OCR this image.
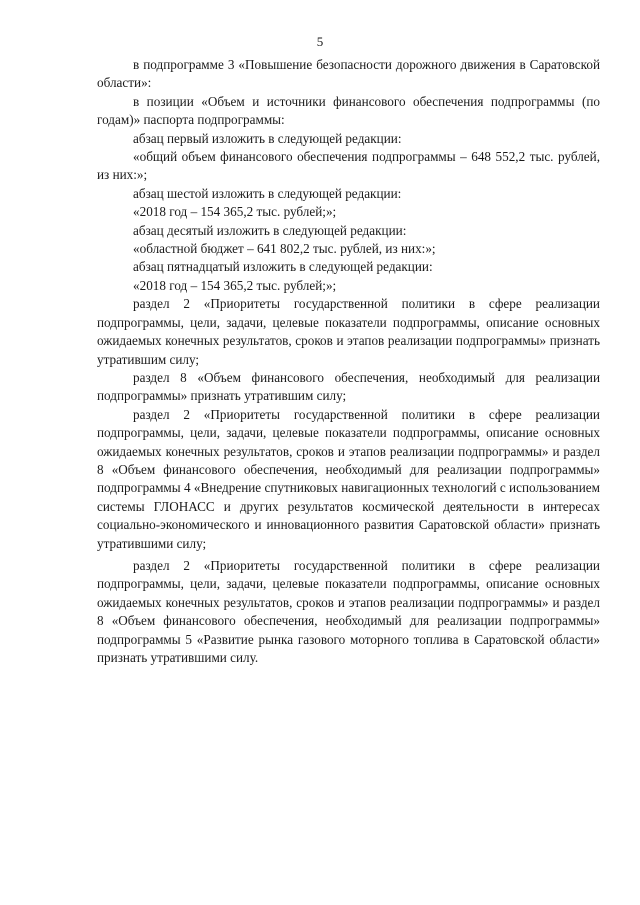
5

в подпрограмме 3 «Повышение безопасности дорожного движения в Саратовской области»:

в позиции «Объем и источники финансового обеспечения подпрограммы (по годам)» паспорта подпрограммы:

абзац первый изложить в следующей редакции:

«общий объем финансового обеспечения подпрограммы – 648 552,2 тыс. рублей, из них:»;

абзац шестой изложить в следующей редакции:

«2018 год – 154 365,2 тыс. рублей;»;

абзац десятый изложить в следующей редакции:

«областной бюджет – 641 802,2 тыс. рублей, из них:»;

абзац пятнадцатый изложить в следующей редакции:

«2018 год – 154 365,2 тыс. рублей;»;

раздел 2 «Приоритеты государственной политики в сфере реализации подпрограммы, цели, задачи, целевые показатели подпрограммы, описание основных ожидаемых конечных результатов, сроков и этапов реализации подпрограммы» признать утратившим силу;

раздел 8 «Объем финансового обеспечения, необходимый для реализации подпрограммы» признать утратившим силу;

раздел 2 «Приоритеты государственной политики в сфере реализации подпрограммы, цели, задачи, целевые показатели подпрограммы, описание основных ожидаемых конечных результатов, сроков и этапов реализации подпрограммы» и раздел 8 «Объем финансового обеспечения, необходимый для реализации подпрограммы» подпрограммы 4 «Внедрение спутниковых навигационных технологий с использованием системы ГЛОНАСС и других результатов космической деятельности в интересах социально-экономического и инновационного развития Саратовской области» признать утратившими силу;

раздел 2 «Приоритеты государственной политики в сфере реализации подпрограммы, цели, задачи, целевые показатели подпрограммы, описание основных ожидаемых конечных результатов, сроков и этапов реализации подпрограммы» и раздел 8 «Объем финансового обеспечения, необходимый для реализации подпрограммы» подпрограммы 5 «Развитие рынка газового моторного топлива в Саратовской области» признать утратившими силу.
